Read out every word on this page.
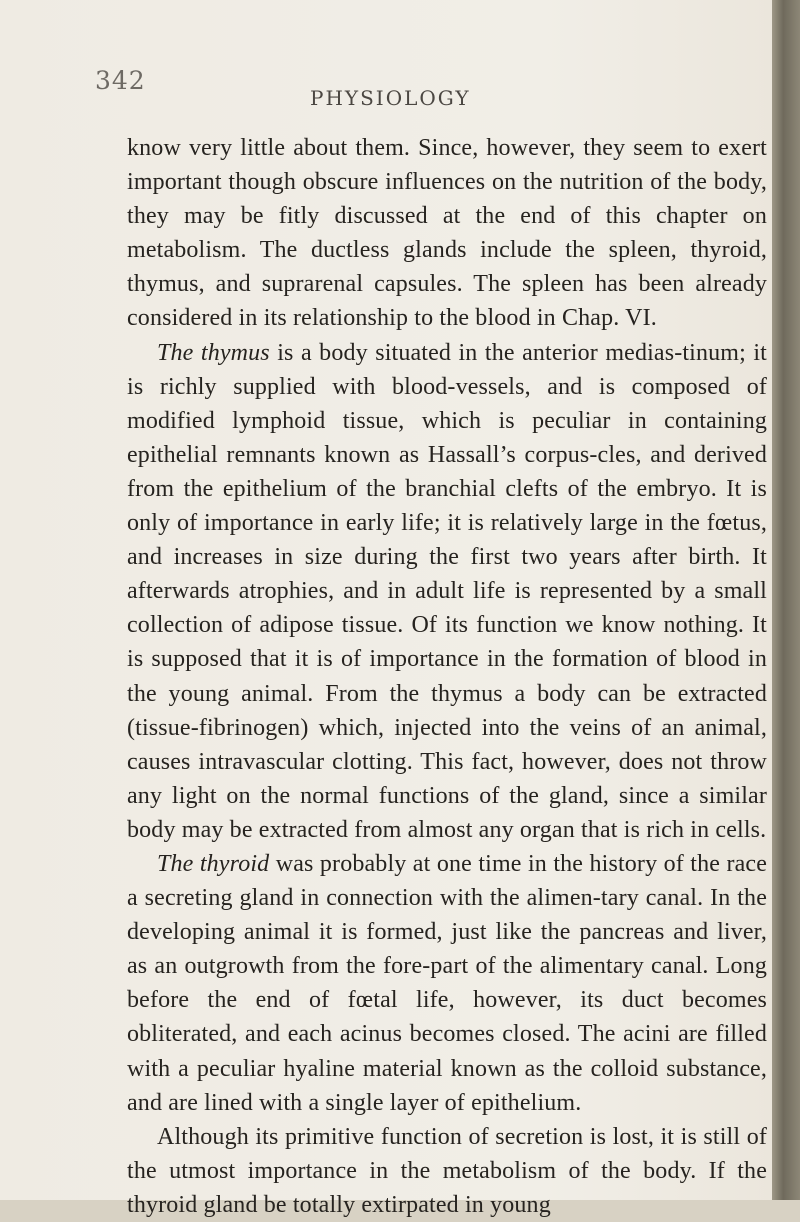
342
PHYSIOLOGY

know very little about them. Since, however, they seem to exert important though obscure influences on the nutrition of the body, they may be fitly discussed at the end of this chapter on metabolism. The ductless glands include the spleen, thyroid, thymus, and suprarenal capsules. The spleen has been already considered in its relationship to the blood in Chap. VI.

The thymus is a body situated in the anterior medias-tinum; it is richly supplied with blood-vessels, and is composed of modified lymphoid tissue, which is peculiar in containing epithelial remnants known as Hassall’s corpus-cles, and derived from the epithelium of the branchial clefts of the embryo. It is only of importance in early life; it is relatively large in the fœtus, and increases in size during the first two years after birth. It afterwards atrophies, and in adult life is represented by a small collection of adipose tissue. Of its function we know nothing. It is supposed that it is of importance in the formation of blood in the young animal. From the thymus a body can be extracted (tissue-fibrinogen) which, injected into the veins of an animal, causes intravascular clotting. This fact, however, does not throw any light on the normal functions of the gland, since a similar body may be extracted from almost any organ that is rich in cells.

The thyroid was probably at one time in the history of the race a secreting gland in connection with the alimen-tary canal. In the developing animal it is formed, just like the pancreas and liver, as an outgrowth from the fore-part of the alimentary canal. Long before the end of fœtal life, however, its duct becomes obliterated, and each acinus becomes closed. The acini are filled with a peculiar hyaline material known as the colloid substance, and are lined with a single layer of epithelium.

Although its primitive function of secretion is lost, it is still of the utmost importance in the metabolism of the body. If the thyroid gland be totally extirpated in young
